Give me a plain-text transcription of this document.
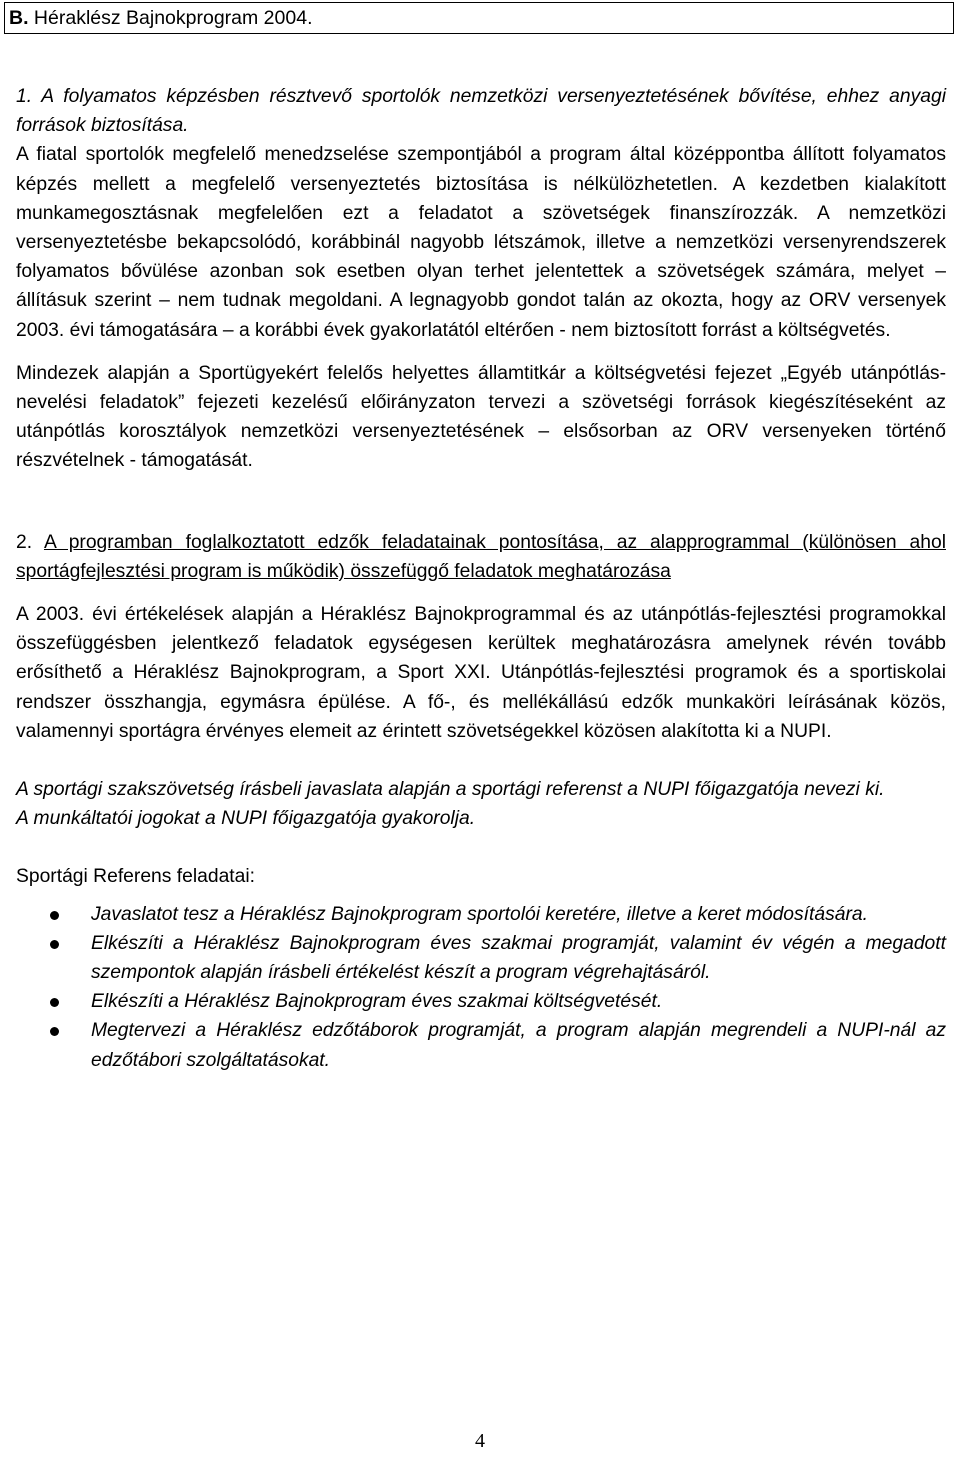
B. Héraklész Bajnokprogram 2004.

1. A folyamatos képzésben résztvevő sportolók nemzetközi versenyeztetésének bővítése, ehhez anyagi források biztosítása.

A fiatal sportolók megfelelő menedzselése szempontjából a program által középpontba állított folyamatos képzés mellett a megfelelő versenyeztetés biztosítása is nélkülözhetetlen. A kezdetben kialakított munkamegosztásnak megfelelően ezt a feladatot a szövetségek finanszírozzák. A nemzetközi versenyeztetésbe bekapcsolódó, korábbinál nagyobb létszámok, illetve a nemzetközi versenyrendszerek folyamatos bővülése azonban sok esetben olyan terhet jelentettek a szövetségek számára, melyet – állításuk szerint – nem tudnak megoldani. A legnagyobb gondot talán az okozta, hogy az ORV versenyek 2003. évi támogatására – a korábbi évek gyakorlatától eltérően - nem biztosított forrást a költségvetés.

Mindezek alapján a Sportügyekért felelős helyettes államtitkár a költségvetési fejezet „Egyéb utánpótlás-nevelési feladatok” fejezeti kezelésű előirányzaton tervezi a szövetségi források kiegészítéseként az utánpótlás korosztályok nemzetközi versenyeztetésének – elsősorban az ORV versenyeken történő részvételnek - támogatását.

2. A programban foglalkoztatott edzők feladatainak pontosítása, az alapprogrammal (különösen ahol sportágfejlesztési program is működik) összefüggő feladatok meghatározása

A 2003. évi értékelések alapján a Héraklész Bajnokprogrammal és az utánpótlás-fejlesztési programokkal összefüggésben jelentkező feladatok egységesen kerültek meghatározásra amelynek révén tovább erősíthető a Héraklész Bajnokprogram, a Sport XXI. Utánpótlás-fejlesztési programok és a sportiskolai rendszer összhangja, egymásra épülése. A fő-, és mellékállású edzők munkaköri leírásának közös, valamennyi sportágra érvényes elemeit az érintett szövetségekkel közösen alakította ki a NUPI.

A sportági szakszövetség írásbeli javaslata alapján a sportági referenst a NUPI főigazgatója nevezi ki.

A munkáltatói jogokat a NUPI főigazgatója gyakorolja.

Sportági Referens feladatai:

Javaslatot tesz a Héraklész Bajnokprogram sportolói keretére, illetve a keret módosítására.
Elkészíti a Héraklész Bajnokprogram éves szakmai programját, valamint év végén a megadott szempontok alapján írásbeli értékelést készít a program végrehajtásáról.
Elkészíti a Héraklész Bajnokprogram éves szakmai költségvetését.
Megtervezi a Héraklész edzőtáborok programját, a program alapján megrendeli a NUPI-nál az edzőtábori szolgáltatásokat.
4
